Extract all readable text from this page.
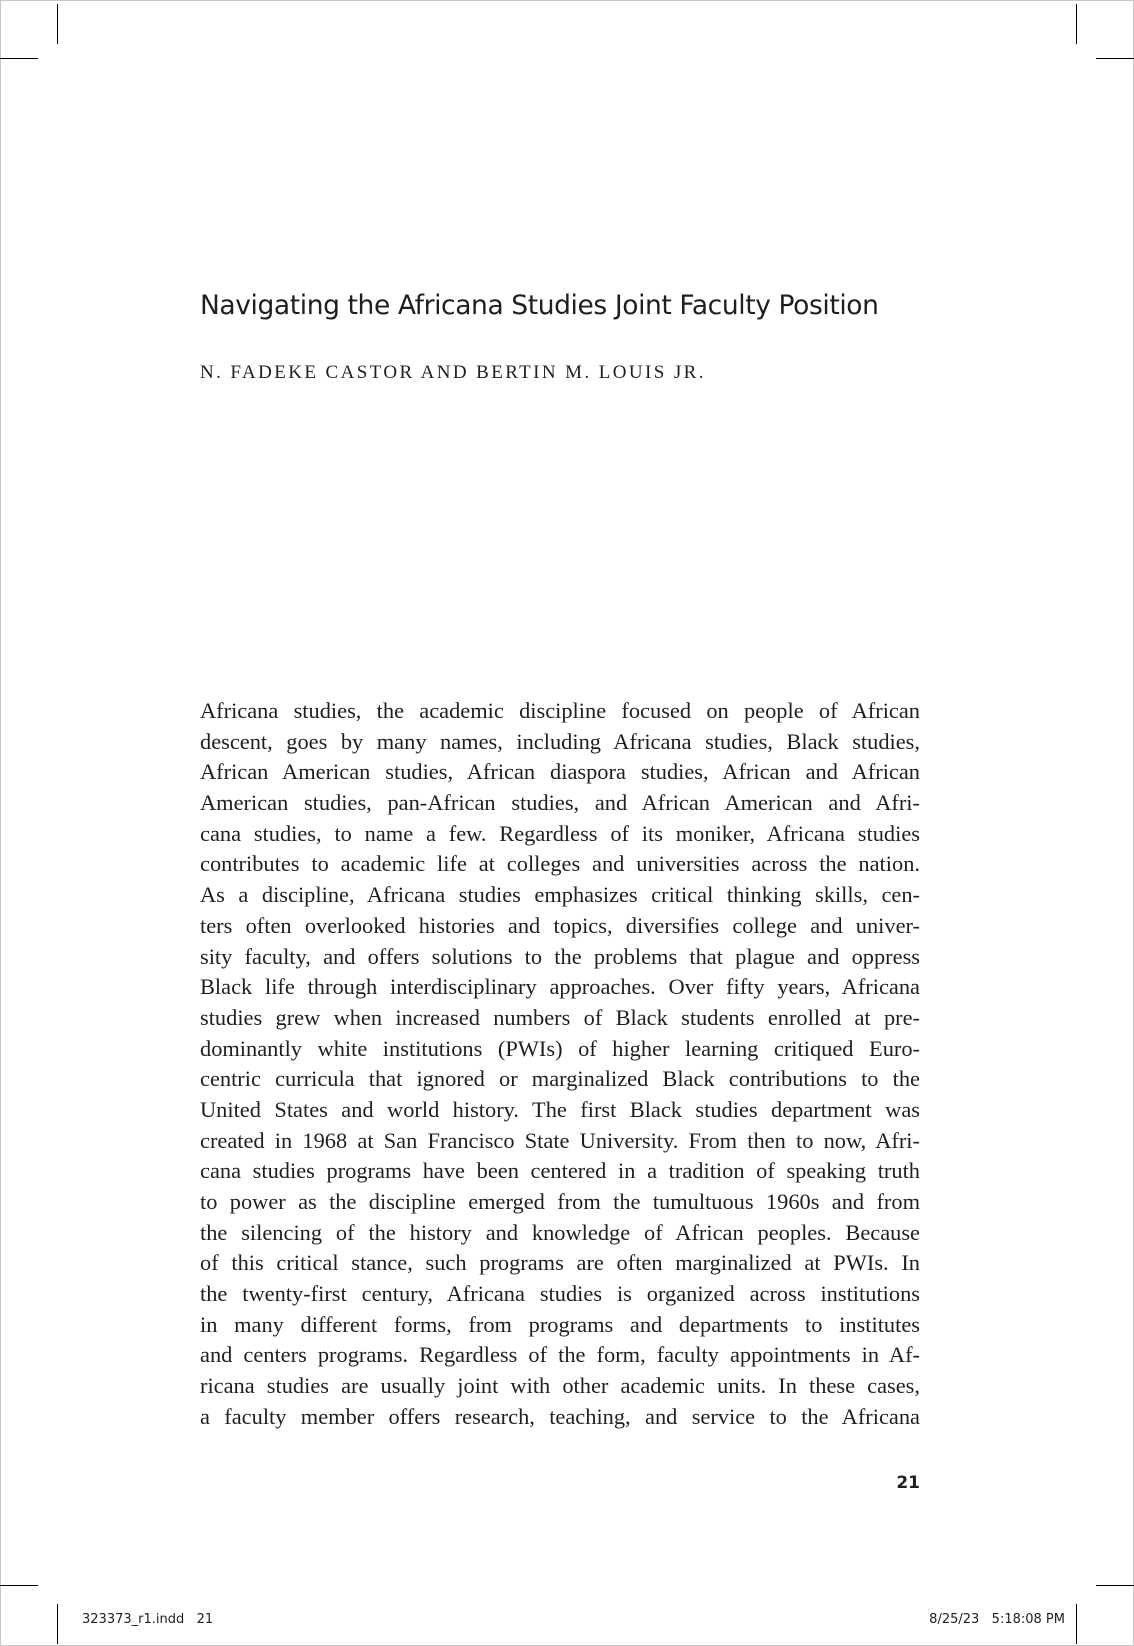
Navigating the Africana Studies Joint Faculty Position
N. FADEKE CASTOR AND BERTIN M. LOUIS JR.
Africana studies, the academic discipline focused on people of African
descent, goes by many names, including Africana studies, Black studies,
African American studies, African diaspora studies, African and African
American studies, pan-African studies, and African American and Afri-
cana studies, to name a few. Regardless of its moniker, Africana studies
contributes to academic life at colleges and universities across the nation.
As a discipline, Africana studies emphasizes critical thinking skills, cen-
ters often overlooked histories and topics, diversifies college and univer-
sity faculty, and offers solutions to the problems that plague and oppress
Black life through interdisciplinary approaches. Over fifty years, Africana
studies grew when increased numbers of Black students enrolled at pre-
dominantly white institutions (PWIs) of higher learning critiqued Euro-
centric curricula that ignored or marginalized Black contributions to the
United States and world history. The first Black studies department was
created in 1968 at San Francisco State University. From then to now, Afri-
cana studies programs have been centered in a tradition of speaking truth
to power as the discipline emerged from the tumultuous 1960s and from
the silencing of the history and knowledge of African peoples. Because
of this critical stance, such programs are often marginalized at PWIs. In
the twenty-first century, Africana studies is organized across institutions
in many different forms, from programs and departments to institutes
and centers programs. Regardless of the form, faculty appointments in Af-
ricana studies are usually joint with other academic units. In these cases,
a faculty member offers research, teaching, and service to the Africana
21
323373_r1.indd   21	8/25/23   5:18:08 PM
